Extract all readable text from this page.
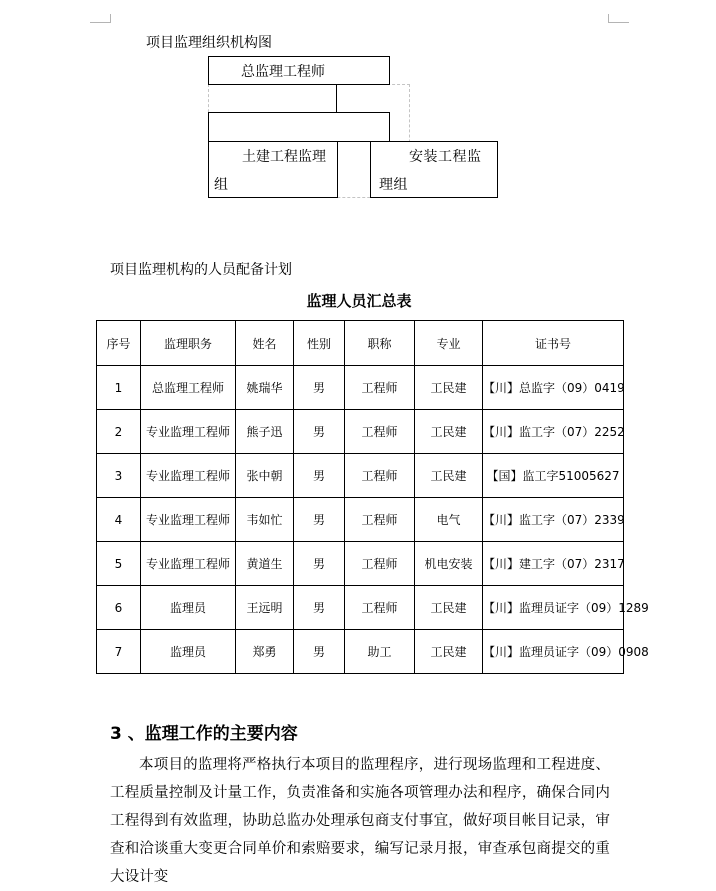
项目监理组织机构图
总监理工程师
土建工程监理组
安装工程监理组
项目监理机构的人员配备计划
监理人员汇总表
序号	监理职务	姓名	性别	职称	专业	证书号
1	总监理工程师	姚瑞华	男	工程师	工民建	【川】总监字（09）0419
2	专业监理工程师	熊子迅	男	工程师	工民建	【川】监工字（07）2252
3	专业监理工程师	张中朝	男	工程师	工民建	【国】监工字51005627
4	专业监理工程师	韦如忙	男	工程师	电气	【川】监工字（07）2339
5	专业监理工程师	黄道生	男	工程师	机电安装	【川】建工字（07）2317
6	监理员	王远明	男	工程师	工民建	【川】监理员证字（09）1289
7	监理员	郑勇	男	助工	工民建	【川】监理员证字（09）0908
3 、监理工作的主要内容
本项目的监理将严格执行本项目的监理程序，进行现场监理和工程进度、工程质量控制及计量工作，负责准备和实施各项管理办法和程序，确保合同内工程得到有效监理，协助总监办处理承包商支付事宜，做好项目帐目记录，审查和洽谈重大变更合同单价和索赔要求，编写记录月报，审查承包商提交的重大设计变
